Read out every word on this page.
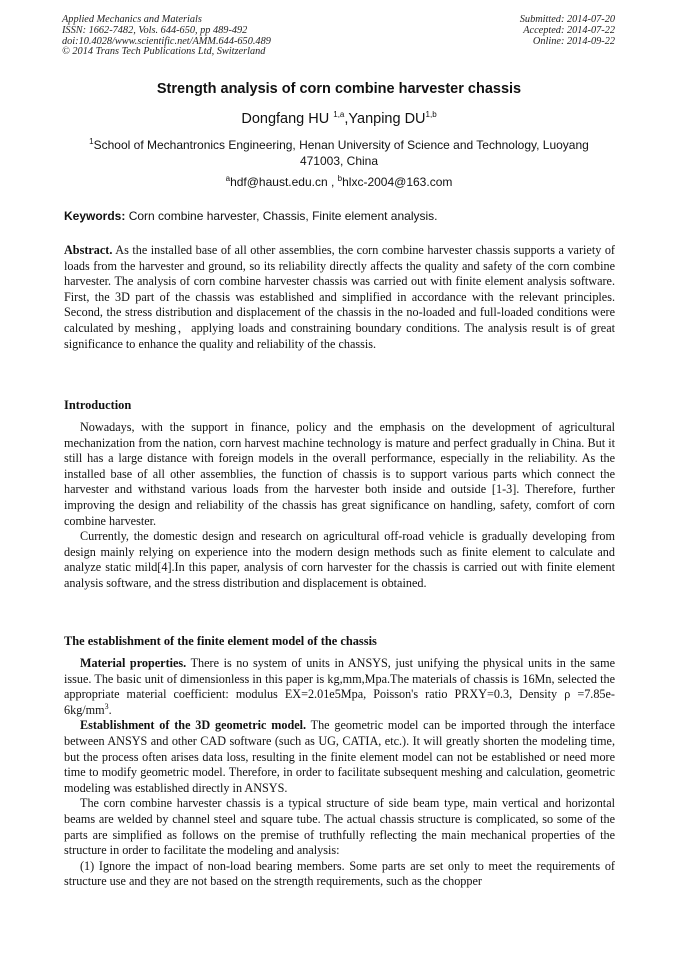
Applied Mechanics and Materials
ISSN: 1662-7482, Vols. 644-650, pp 489-492
doi:10.4028/www.scientific.net/AMM.644-650.489
© 2014 Trans Tech Publications Ltd, Switzerland
Submitted: 2014-07-20
Accepted: 2014-07-22
Online: 2014-09-22
Strength analysis of corn combine harvester chassis
Dongfang HU $^{1,a}$,Yanping DU$^{1,b}$
$^1$School of Mechantronics Engineering, Henan University of Science and Technology, Luoyang 471003, China
$^a$hdf@haust.edu.cn , $^b$hlxc-2004@163.com
Keywords: Corn combine harvester, Chassis, Finite element analysis.

Abstract. As the installed base of all other assemblies, the corn combine harvester chassis supports a variety of loads from the harvester and ground, so its reliability directly affects the quality and safety of the corn combine harvester. The analysis of corn combine harvester chassis was carried out with finite element analysis software. First, the 3D part of the chassis was established and simplified in accordance with the relevant principles. Second, the stress distribution and displacement of the chassis in the no-loaded and full-loaded conditions were calculated by meshing，applying loads and constraining boundary conditions. The analysis result is of great significance to enhance the quality and reliability of the chassis.

Introduction

Nowadays, with the support in finance, policy and the emphasis on the development of agricultural mechanization from the nation, corn harvest machine technology is mature and perfect gradually in China. But it still has a large distance with foreign models in the overall performance, especially in the reliability. As the installed base of all other assemblies, the function of chassis is to support various parts which connect the harvester and withstand various loads from the harvester both inside and outside [1-3]. Therefore, further improving the design and reliability of the chassis has great significance on handling, safety, comfort of corn combine harvester.

Currently, the domestic design and research on agricultural off-road vehicle is gradually developing from design mainly relying on experience into the modern design methods such as finite element to calculate and analyze static mild[4].In this paper, analysis of corn harvester for the chassis is carried out with finite element analysis software, and the stress distribution and displacement is obtained.

The establishment of the finite element model of the chassis

Material properties. There is no system of units in ANSYS, just unifying the physical units in the same issue. The basic unit of dimensionless in this paper is kg,mm,Mpa.The materials of chassis is 16Mn, selected the appropriate material coefficient: modulus EX=2.01e5Mpa, Poisson's ratio PRXY=0.3, Density $\rho =7.85e-6kg/mm^3$.

Establishment of the 3D geometric model. The geometric model can be imported through the interface between ANSYS and other CAD software (such as UG, CATIA, etc.). It will greatly shorten the modeling time, but the process often arises data loss, resulting in the finite element model can not be established or need more time to modify geometric model. Therefore, in order to facilitate subsequent meshing and calculation, geometric modeling was established directly in ANSYS.

The corn combine harvester chassis is a typical structure of side beam type, main vertical and horizontal beams are welded by channel steel and square tube. The actual chassis structure is complicated, so some of the parts are simplified as follows on the premise of truthfully reflecting the main mechanical properties of the structure in order to facilitate the modeling and analysis:

(1) Ignore the impact of non-load bearing members. Some parts are set only to meet the requirements of structure use and they are not based on the strength requirements, such as the chopper
